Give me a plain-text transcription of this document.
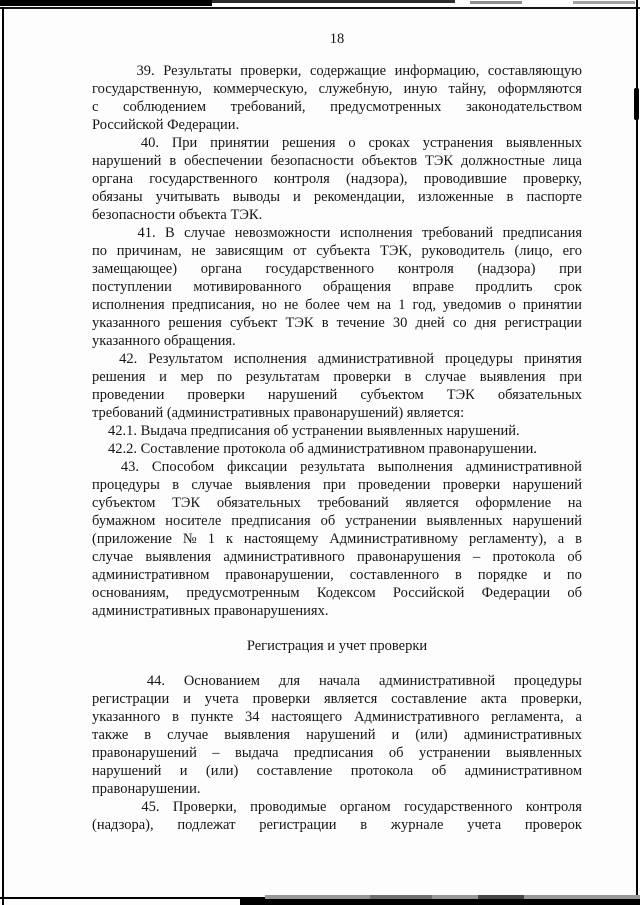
18
39. Результаты проверки, содержащие информацию, составляющую
государственную, коммерческую, служебную, иную тайну, оформляются
с соблюдением требований, предусмотренных законодательством
Российской Федерации.
40. При принятии решения о сроках устранения выявленных
нарушений в обеспечении безопасности объектов ТЭК должностные лица
органа государственного контроля (надзора), проводившие проверку,
обязаны учитывать выводы и рекомендации, изложенные в паспорте
безопасности объекта ТЭК.
41. В случае невозможности исполнения требований предписания
по причинам, не зависящим от субъекта ТЭК, руководитель (лицо, его
замещающее) органа государственного контроля (надзора) при
поступлении мотивированного обращения вправе продлить срок
исполнения предписания, но не более чем на 1 год, уведомив о принятии
указанного решения субъект ТЭК в течение 30 дней со дня регистрации
указанного обращения.
42. Результатом исполнения административной процедуры принятия
решения и мер по результатам проверки в случае выявления при
проведении проверки нарушений субъектом ТЭК обязательных
требований (административных правонарушений) является:
42.1. Выдача предписания об устранении выявленных нарушений.
42.2. Составление протокола об административном правонарушении.
43. Способом фиксации результата выполнения административной
процедуры в случае выявления при проведении проверки нарушений
субъектом ТЭК обязательных требований является оформление на
бумажном носителе предписания об устранении выявленных нарушений
(приложение № 1 к настоящему Административному регламенту), а в
случае выявления административного правонарушения – протокола об
административном правонарушении, составленного в порядке и по
основаниям, предусмотренным Кодексом Российской Федерации об
административных правонарушениях.
Регистрация и учет проверки
44. Основанием для начала административной процедуры
регистрации и учета проверки является составление акта проверки,
указанного в пункте 34 настоящего Административного регламента, а
также в случае выявления нарушений и (или) административных
правонарушений – выдача предписания об устранении выявленных
нарушений и (или) составление протокола об административном
правонарушении.
45. Проверки, проводимые органом государственного контроля
(надзора), подлежат регистрации в журнале учета проверок
